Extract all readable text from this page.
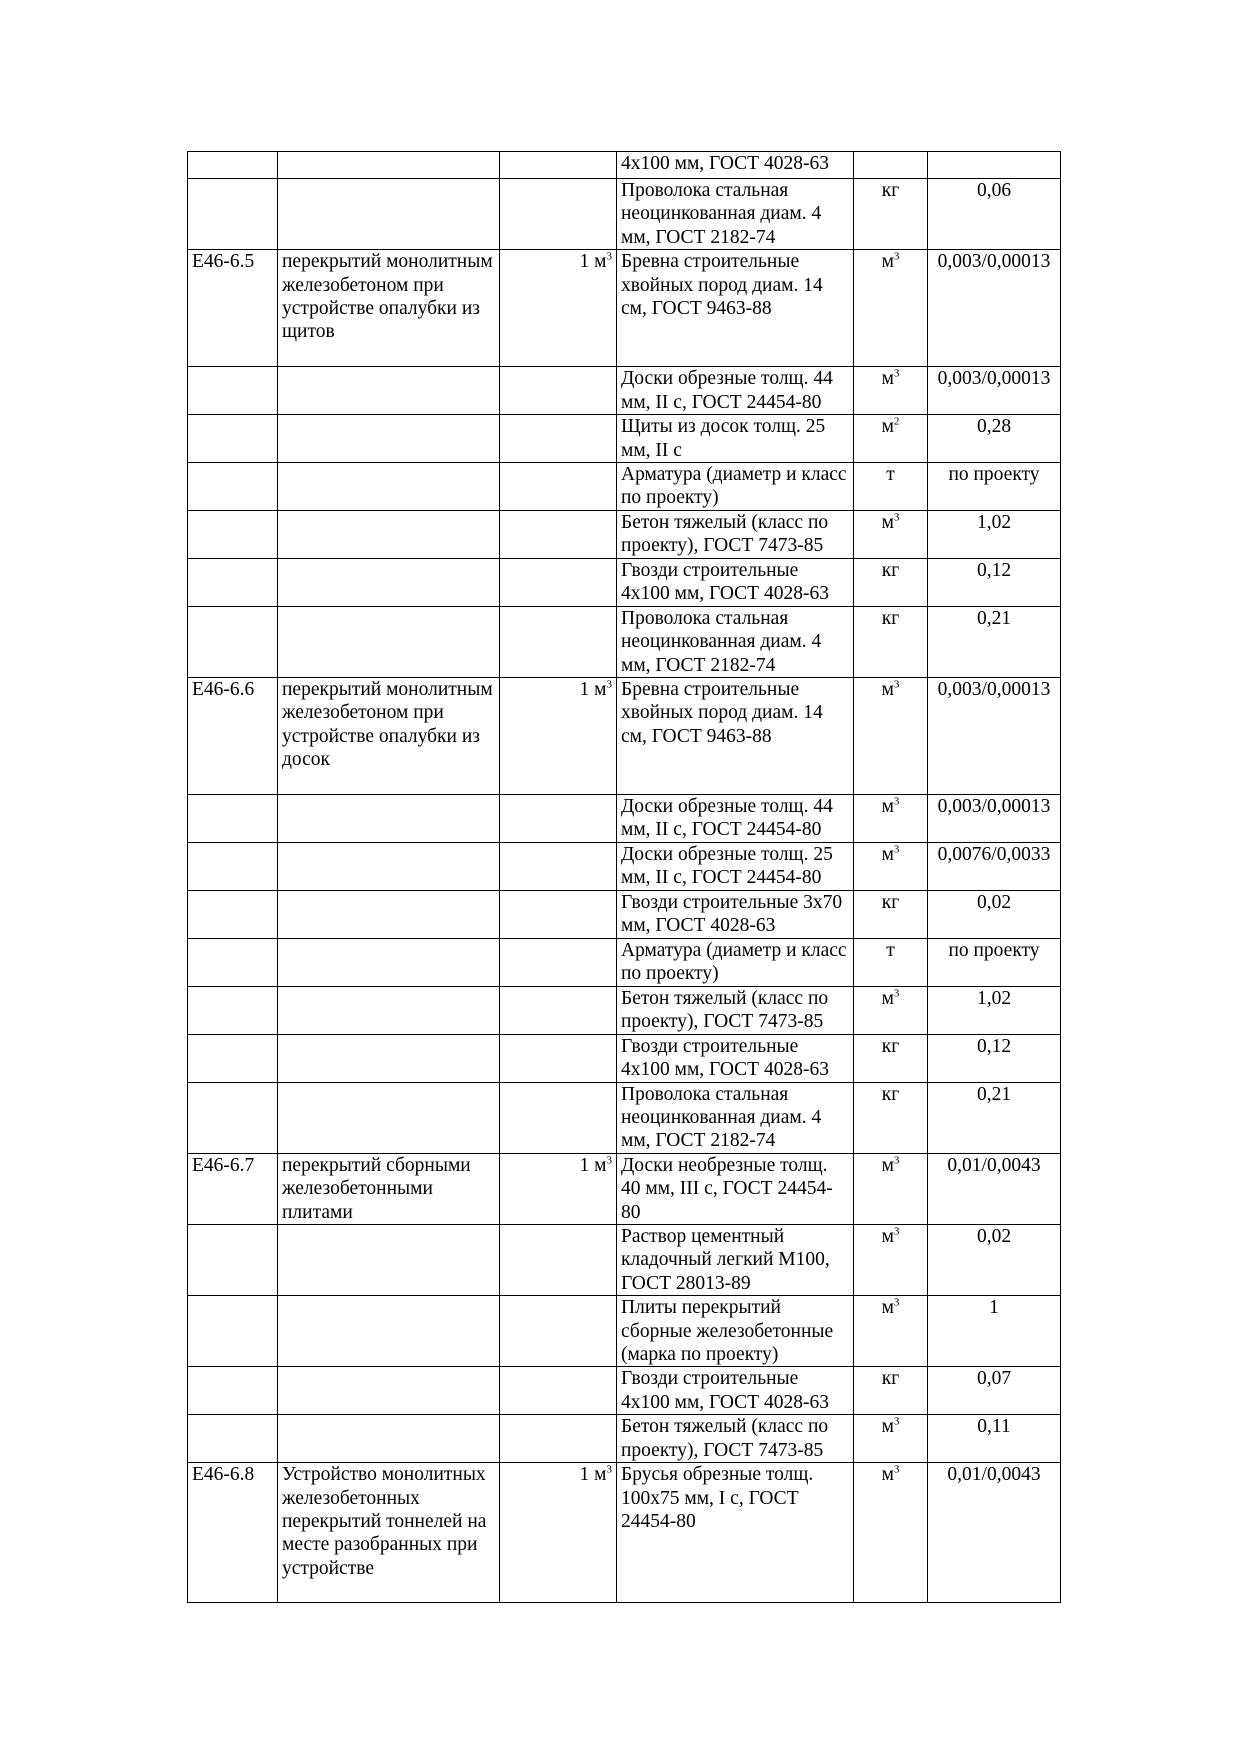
			4х100 мм, ГОСТ 4028-63		
			Проволока стальная неоцинкованная диам. 4 мм, ГОСТ 2182-74	кг	0,06
Е46-6.5	перекрытий монолитным железобетоном при устройстве опалубки из щитов	1 $м^3$	Бревна строительные хвойных пород диам. 14 см, ГОСТ 9463-88	$м^3$	0,003/0,00013
			Доски обрезные толщ. 44 мм, II с, ГОСТ 24454-80	$м^3$	0,003/0,00013
			Щиты из досок толщ. 25 мм, II с	$м^2$	0,28
			Арматура (диаметр и класс по проекту)	т	по проекту
			Бетон тяжелый (класс по проекту), ГОСТ 7473-85	$м^3$	1,02
			Гвозди строительные 4х100 мм, ГОСТ 4028-63	кг	0,12
			Проволока стальная неоцинкованная диам. 4 мм, ГОСТ 2182-74	кг	0,21
Е46-6.6	перекрытий монолитным железобетоном при устройстве опалубки из досок	1 $м^3$	Бревна строительные хвойных пород диам. 14 см, ГОСТ 9463-88	$м^3$	0,003/0,00013
			Доски обрезные толщ. 44 мм, II с, ГОСТ 24454-80	$м^3$	0,003/0,00013
			Доски обрезные толщ. 25 мм, II с, ГОСТ 24454-80	$м^3$	0,0076/0,0033
			Гвозди строительные 3х70 мм, ГОСТ 4028-63	кг	0,02
			Арматура (диаметр и класс по проекту)	т	по проекту
			Бетон тяжелый (класс по проекту), ГОСТ 7473-85	$м^3$	1,02
			Гвозди строительные 4х100 мм, ГОСТ 4028-63	кг	0,12
			Проволока стальная неоцинкованная диам. 4 мм, ГОСТ 2182-74	кг	0,21
Е46-6.7	перекрытий сборными железобетонными плитами	1 $м^3$	Доски необрезные толщ. 40 мм, III с, ГОСТ 24454-80	$м^3$	0,01/0,0043
			Раствор цементный кладочный легкий М100, ГОСТ 28013-89	$м^3$	0,02
			Плиты перекрытий сборные железобетонные (марка по проекту)	$м^3$	1
			Гвозди строительные 4х100 мм, ГОСТ 4028-63	кг	0,07
			Бетон тяжелый (класс по проекту), ГОСТ 7473-85	$м^3$	0,11
Е46-6.8	Устройство монолитных железобетонных перекрытий тоннелей на месте разобранных при устройстве	1 $м^3$	Брусья обрезные толщ. 100х75 мм, I с, ГОСТ 24454-80	$м^3$	0,01/0,0043
